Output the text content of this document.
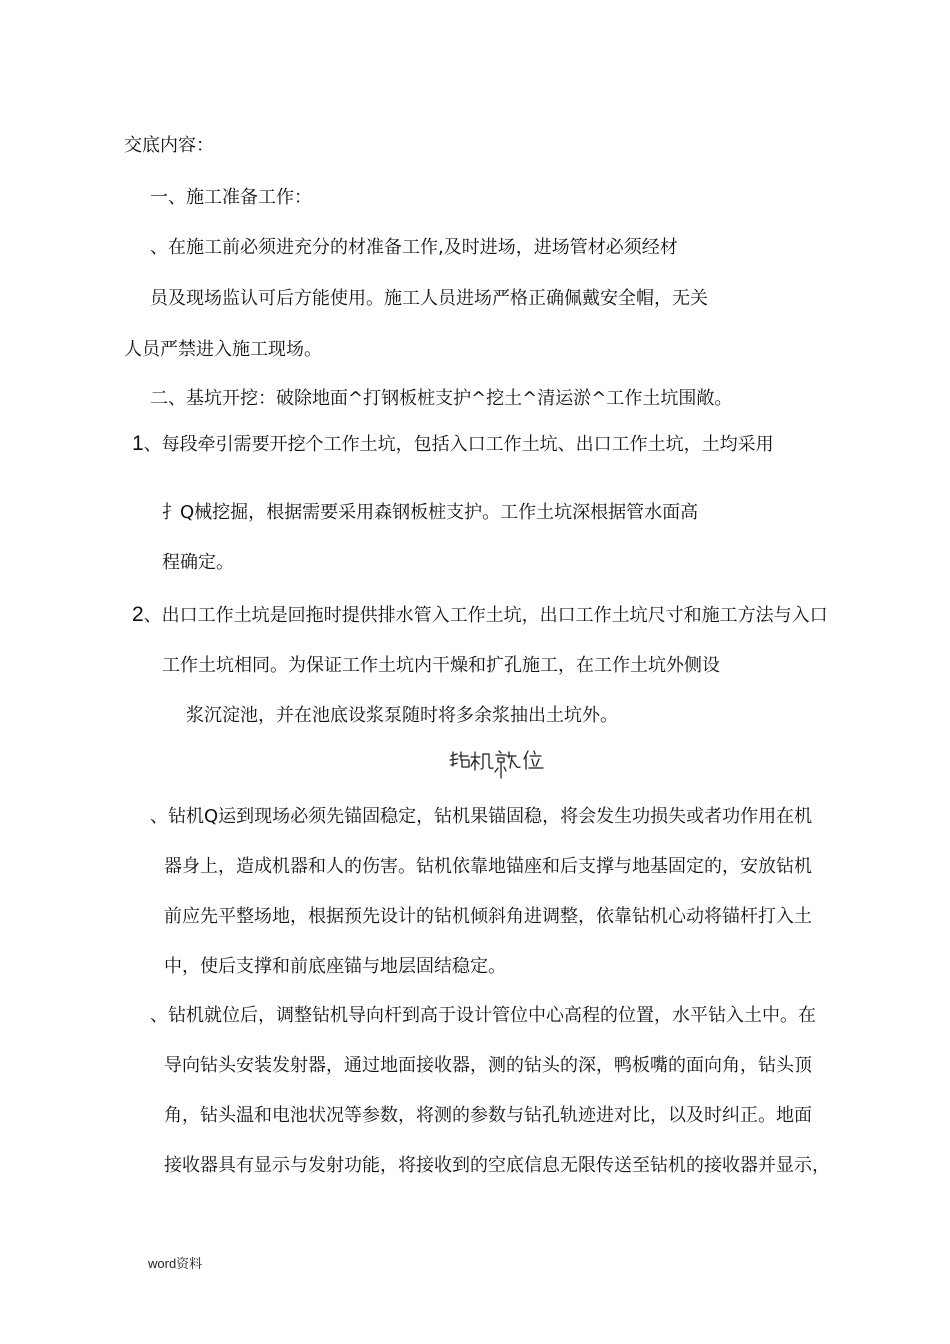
交底内容：
一、施工准备工作：
、在施工前必须进充分的材准备工作,及时进场，进场管材必须经材
员及现场监认可后方能使用。施工人员进场严格正确佩戴安全帽，无关
人员严禁进入施工现场。
二、基坑开挖：破除地面^打钢板桩支护^挖土^清运淤^工作土坑围敞。
1、每段牵引需要开挖个工作土坑，包括入口工作土坑、出口工作土坑，土均采用
扌Q械挖掘，根据需要采用森钢板桩支护。工作土坑深根据管水面高
程确定。
2、出口工作土坑是回拖时提供排水管入工作土坑，出口工作土坑尺寸和施工方法与入口
工作土坑相同。为保证工作土坑内干燥和扩孔施工，在工作土坑外侧设
浆沉淀池，并在池底设浆泵随时将多余浆抽出土坑外。
、钻机Q运到现场必须先锚固稳定，钻机果锚固稳，将会发生功损失或者功作用在机
器身上，造成机器和人的伤害。钻机依靠地锚座和后支撑与地基固定的，安放钻机
前应先平整场地，根据预先设计的钻机倾斜角进调整，依靠钻机心动将锚杆打入土
中，使后支撑和前底座锚与地层固结稳定。
、钻机就位后，调整钻机导向杆到高于设计管位中心高程的位置，水平钻入土中。在
导向钻头安装发射器，通过地面接收器，测的钻头的深，鸭板嘴的面向角，钻头顶
角，钻头温和电池状况等参数，将测的参数与钻孔轨迹进对比，以及时纠正。地面
接收器具有显示与发射功能，将接收到的空底信息无限传送至钻机的接收器并显示，
word资料
